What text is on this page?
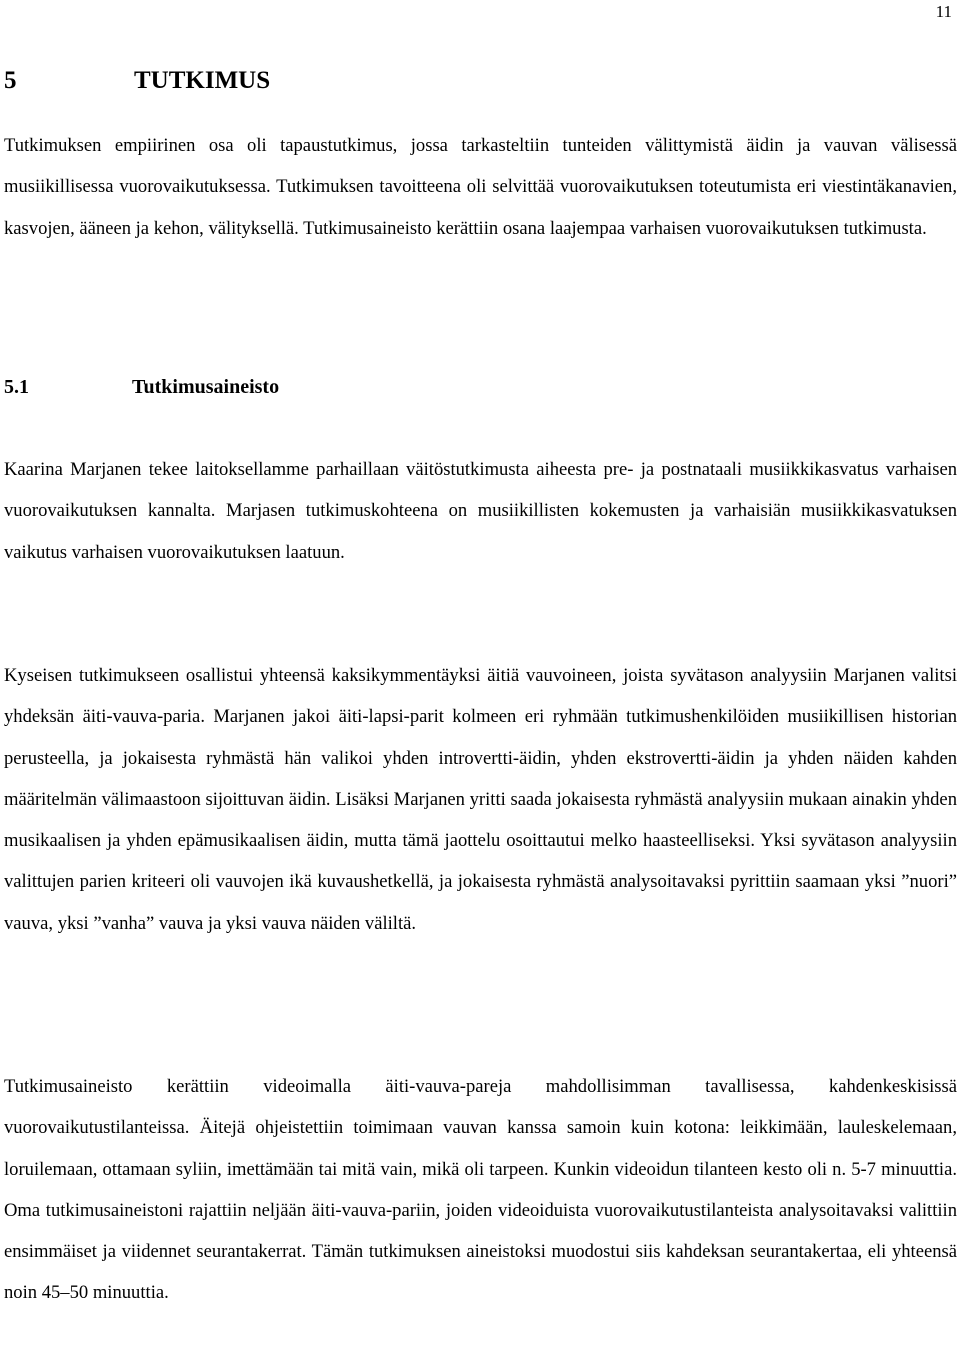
11
5	TUTKIMUS

Tutkimuksen empiirinen osa oli tapaustutkimus, jossa tarkasteltiin tunteiden välittymistä äidin ja vauvan välisessä musiikillisessa vuorovaikutuksessa. Tutkimuksen tavoitteena oli selvittää vuorovaikutuksen toteutumista eri viestintäkanavien, kasvojen, ääneen ja kehon, välityksellä. Tutkimusaineisto kerättiin osana laajempaa varhaisen vuorovaikutuksen tutkimusta.

5.1	Tutkimusaineisto

Kaarina Marjanen tekee laitoksellamme parhaillaan väitöstutkimusta aiheesta pre- ja postnataali musiikkikasvatus varhaisen vuorovaikutuksen kannalta. Marjasen tutkimuskohteena on musiikillisten kokemusten ja varhaisiän musiikkikasvatuksen vaikutus varhaisen vuorovaikutuksen laatuun.

Kyseisen tutkimukseen osallistui yhteensä kaksikymmentäyksi äitiä vauvoineen, joista syvätason analyysiin Marjanen valitsi yhdeksän äiti-vauva-paria. Marjanen jakoi äiti-lapsi-parit kolmeen eri ryhmään tutkimushenkilöiden musiikillisen historian perusteella, ja jokaisesta ryhmästä hän valikoi yhden introvertti-äidin, yhden ekstrovertti-äidin ja yhden näiden kahden määritelmän välimaastoon sijoittuvan äidin. Lisäksi Marjanen yritti saada jokaisesta ryhmästä analyysiin mukaan ainakin yhden musikaalisen ja yhden epämusikaalisen äidin, mutta tämä jaottelu osoittautui melko haasteelliseksi. Yksi syvätason analyysiin valittujen parien kriteeri oli vauvojen ikä kuvaushetkellä, ja jokaisesta ryhmästä analysoitavaksi pyrittiin saamaan yksi ”nuori” vauva, yksi ”vanha” vauva ja yksi vauva näiden väliltä.

Tutkimusaineisto kerättiin videoimalla äiti-vauva-pareja mahdollisimman tavallisessa, kahdenkeskisissä vuorovaikutustilanteissa. Äitejä ohjeistettiin toimimaan vauvan kanssa samoin kuin kotona: leikkimään, lauleskelemaan, loruilemaan, ottamaan syliin, imettämään tai mitä vain, mikä oli tarpeen. Kunkin videoidun tilanteen kesto oli n. 5-7 minuuttia. Oma tutkimusaineistoni rajattiin neljään äiti-vauva-pariin, joiden videoiduista vuorovaikutustilanteista analysoitavaksi valittiin ensimmäiset ja viidennet seurantakerrat. Tämän tutkimuksen aineistoksi muodostui siis kahdeksan seurantakertaa, eli yhteensä noin 45–50 minuuttia.
